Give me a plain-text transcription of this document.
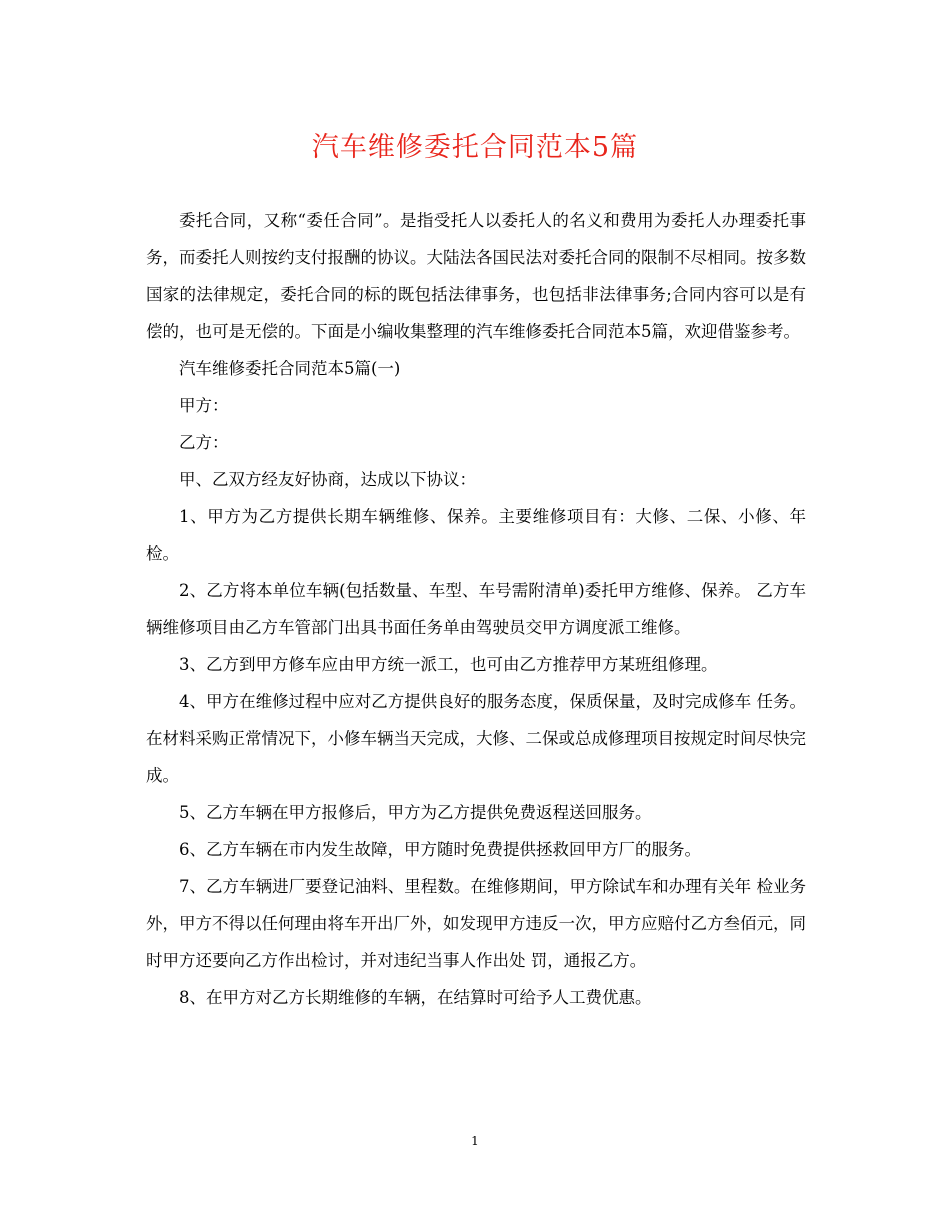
汽车维修委托合同范本5篇

委托合同，又称“委任合同”。是指受托人以委托人的名义和费用为委托人办理委托事务，而委托人则按约支付报酬的协议。大陆法各国民法对委托合同的限制不尽相同。按多数国家的法律规定，委托合同的标的既包括法律事务，也包括非法律事务;合同内容可以是有偿的，也可是无偿的。下面是小编收集整理的汽车维修委托合同范本5篇，欢迎借鉴参考。

汽车维修委托合同范本5篇(一)

甲方：

乙方：

甲、乙双方经友好协商，达成以下协议：

1、甲方为乙方提供长期车辆维修、保养。主要维修项目有：大修、二保、小修、年检。

2、乙方将本单位车辆(包括数量、车型、车号需附清单)委托甲方维修、保养。 乙方车辆维修项目由乙方车管部门出具书面任务单由驾驶员交甲方调度派工维修。

3、乙方到甲方修车应由甲方统一派工，也可由乙方推荐甲方某班组修理。

4、甲方在维修过程中应对乙方提供良好的服务态度，保质保量，及时完成修车 任务。在材料采购正常情况下，小修车辆当天完成，大修、二保或总成修理项目按规定时间尽快完成。

5、乙方车辆在甲方报修后，甲方为乙方提供免费返程送回服务。

6、乙方车辆在市内发生故障，甲方随时免费提供拯救回甲方厂的服务。

7、乙方车辆进厂要登记油料、里程数。在维修期间，甲方除试车和办理有关年 检业务外，甲方不得以任何理由将车开出厂外，如发现甲方违反一次，甲方应赔付乙方叁佰元，同时甲方还要向乙方作出检讨，并对违纪当事人作出处 罚，通报乙方。

8、在甲方对乙方长期维修的车辆，在结算时可给予人工费优惠。

1
